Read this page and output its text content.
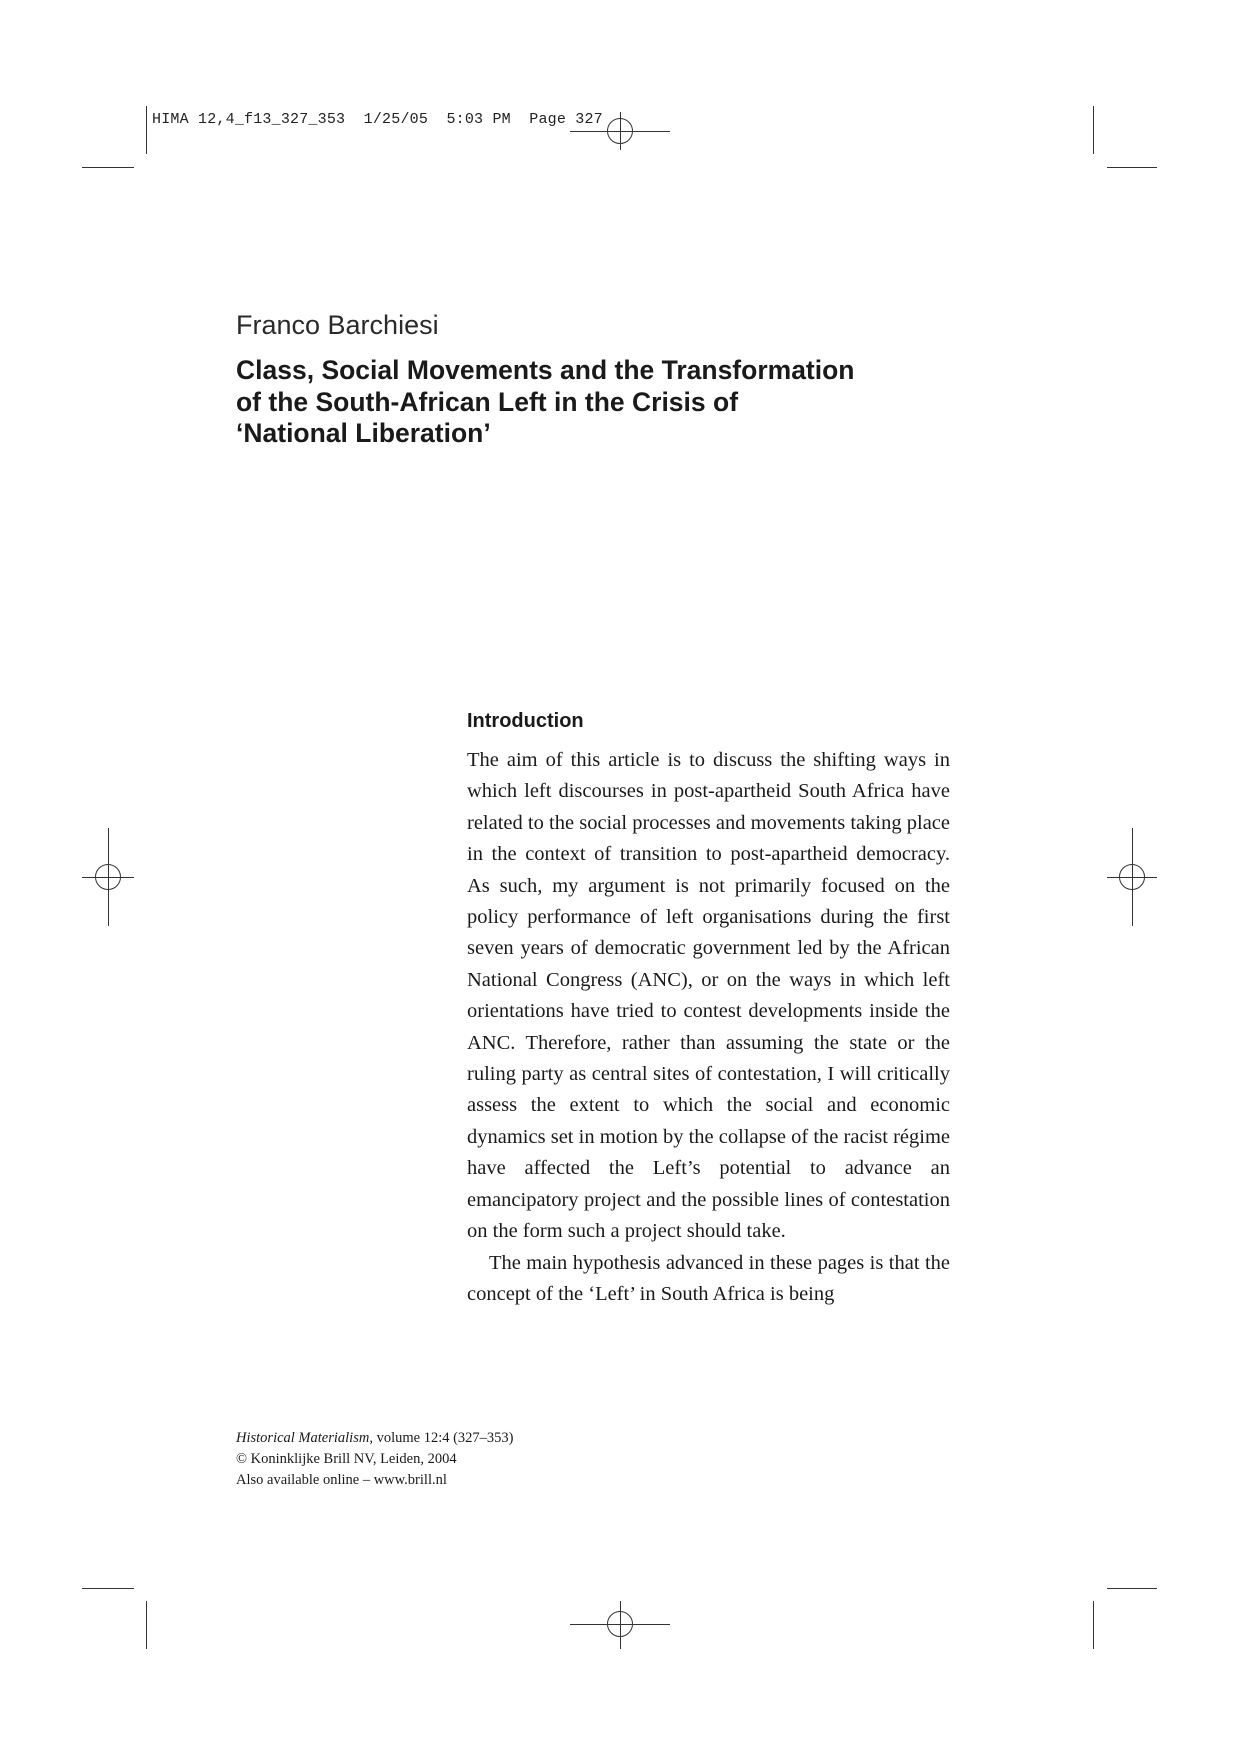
HIMA 12,4_f13_327_353  1/25/05  5:03 PM  Page 327
Franco Barchiesi
Class, Social Movements and the Transformation
of the South-African Left in the Crisis of
‘National Liberation’
Introduction

The aim of this article is to discuss the shifting ways in which left discourses in post-apartheid South Africa have related to the social processes and movements taking place in the context of transition to post-apartheid democracy. As such, my argument is not primarily focused on the policy performance of left organisations during the first seven years of democratic government led by the African National Congress (ANC), or on the ways in which left orientations have tried to contest developments inside the ANC. Therefore, rather than assuming the state or the ruling party as central sites of contestation, I will critically assess the extent to which the social and economic dynamics set in motion by the collapse of the racist régime have affected the Left’s potential to advance an emancipatory project and the possible lines of contestation on the form such a project should take.

The main hypothesis advanced in these pages is that the concept of the ‘Left’ in South Africa is being

Historical Materialism, volume 12:4 (327–353)
© Koninklijke Brill NV, Leiden, 2004
Also available online – www.brill.nl
